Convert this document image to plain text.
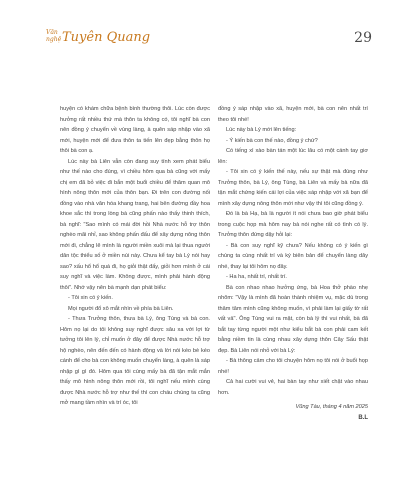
Văn
nghệ Tuyên Quang	29

huyện có khám chữa bệnh bình thường thôi. Lúc còn được hưởng rất nhiều thứ mà thôn ta không có, tôi nghĩ bà con nên đồng ý chuyển về vùng làng, à quên sáp nhập vào xã mới, huyện mới để đưa thôn ta tiến lên đẹp bằng thôn họ thôi bà con ạ.

Lúc này bà Liên vẫn còn đang suy tính xem phát biểu như thế nào cho đúng, vì chiều hôm qua bà cũng với mấy chị em đã bỏ việc đi bắn một buổi chiều để thăm quan mô hình nông thôn mới của thôn bạn. Đi trên con đường nối đồng vào nhà văn hóa khang trang, hai bên đường đầy hoa khoe sắc thì trong lòng bà cũng phấn nào thấy thinh thích, bà nghĩ: "Sao mình có mái đời hồi Nhà nước hỗ trợ thôn nghèo mãi nhỉ, sao không phấn đấu để xây dựng nông thôn mới đi, chẳng lẽ mình là người miền xuôi mà lại thua người dân tộc thiểu số ở miền núi này. Chưa kể tay bà Lý nói hay sao? xấu hổ hổ quá đi, họ giỏi thật đấy, giỏi hơn mình ở cái suy nghĩ và việc làm. Không được, mình phải hành động thôi". Nhớ vậy nên bà mạnh dạn phát biểu:

- Tôi xin có ý kiến.

Mọi người đổ xô mắt nhìn về phía bà Liên.

- Thưa Trưởng thôn, thưa bà Lý, ông Tùng và bà con. Hôm nọ lại do tôi không suy nghĩ được sâu xa với lợi từ tưởng tôi lên lý, chỉ muốn ở đây để được Nhà nước hỗ trợ hộ nghèo, nên đến đến có hành động và lời nói kéo bè kéo cánh để cho bà con không muốn chuyển làng, à quên là sáp nhập gì gì đó. Hôm qua tôi cùng mấy bà đã tận mắt mắn thấy mô hình nông thôn mới rồi, tôi nghĩ nếu mình cùng được Nhà nước hỗ trợ như thế thì con cháu chúng ta cũng mở mang tầm nhìn và trí óc, tôi

đồng ý sáp nhập vào xã, huyện mới, bà con nên nhất trí theo tôi nhé!

Lúc này bà Lý mới lên tiếng:

- Ý kiến bà con thế nào, đồng ý chứ?

Có tiếng xì xào bàn tán một lúc lâu có một cánh tay giơ lên:

- Tôi xin có ý kiến thế này, nếu sự thật mà đúng như Trưởng thôn, bà Lý, ông Tùng, bà Liên và mấy bà nữa đã tận mắt chứng kiến cái lợi của việc sáp nhập với xã bạn để mình xây dựng nông thôn mới như vậy thì tôi cũng đồng ý.

Đó là bà Hạ, bà là người ít nói chưa bao giờ phát biểu trong cuộc họp mà hôm nay bà nói nghe rất có tình có lý. Trưởng thôn đứng dậy hỏi lại:

- Bà con suy nghĩ kỹ chưa? Nếu không có ý kiến gì chúng ta cùng nhất trí và ký biên bản để chuyển làng dây nhé, thay lại tôi hôm nọ đây.

- Ha ha, nhất trí, nhất trí.

Bà con nhao nhao hưởng ứng, bà Hoa thở phào nhẹ nhõm: "Vậy là mình đã hoàn thành nhiệm vụ, mặc dù trong thâm tâm mình cũng không muốn, vì phải làm lại giấy tờ rất vất vả". Ông Tùng vui ra mặt, còn bà lý thì vui nhất, bà đã bắt tay từng người một như kiểu bắt bà con phải cam kết bằng niềm tin là cùng nhau xây dựng thôn Cây Sấu thật đẹp. Bà Liên nói nhỏ với bà Lý:

- Bà thông cảm cho tôi chuyện hôm nọ tôi nói ở buổi họp nhé!

Cả hai cười vui vẻ, hai bàn tay như xiết chặt vào nhau hơn.

Vũng Tàu, tháng 4 năm 2025

B.L
